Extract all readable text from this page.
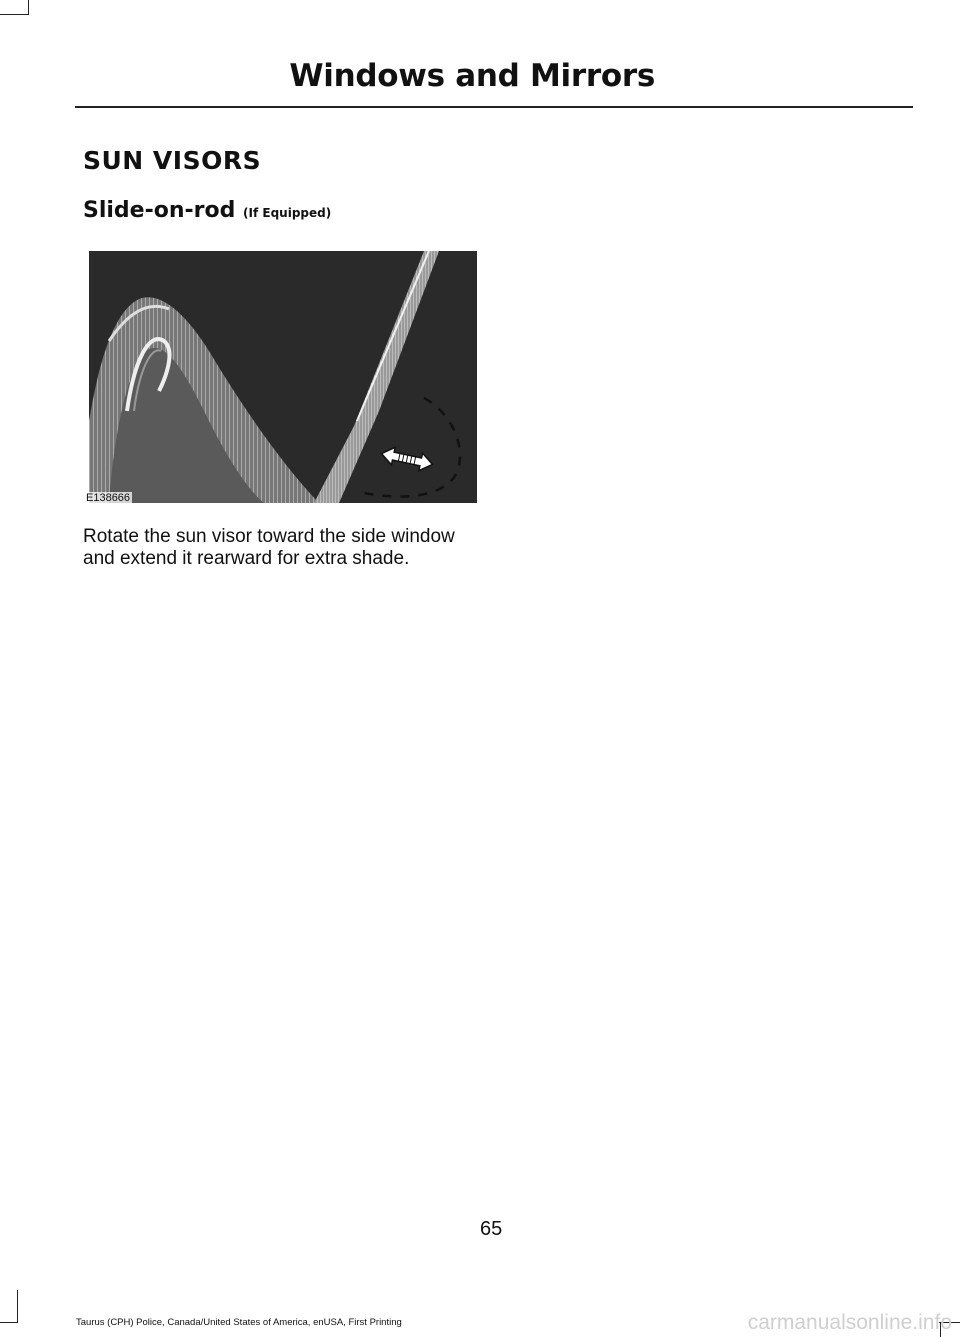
Windows and Mirrors
SUN VISORS
Slide-on-rod (If Equipped)
E138666

Rotate the sun visor toward the side window and extend it rearward for extra shade.

65
Taurus (CPH) Police, Canada/United States of America, enUSA, First Printing	carmanualsonline.info
